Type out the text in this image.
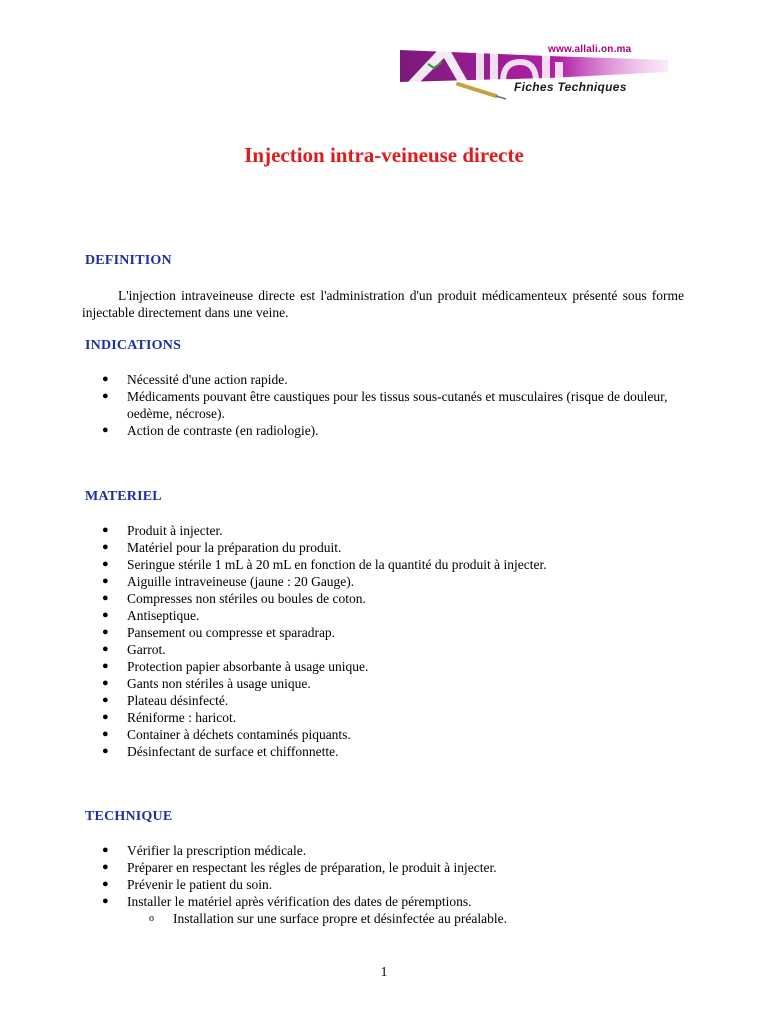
www.allali.on.ma
Fiches Techniques
Injection intra-veineuse directe
DEFINITION
L'injection intraveineuse directe est l'administration d'un produit médicamenteux présenté sous forme injectable directement dans une veine.
INDICATIONS
● Nécessité d'une action rapide.
● Médicaments pouvant être caustiques pour les tissus sous-cutanés et musculaires (risque de douleur, oedème, nécrose).
● Action de contraste (en radiologie).
MATERIEL
● Produit à injecter.
● Matériel pour la préparation du produit.
● Seringue stérile 1 mL à 20 mL en fonction de la quantité du produit à injecter.
● Aiguille intraveineuse (jaune : 20 Gauge).
● Compresses non stériles ou boules de coton.
● Antiseptique.
● Pansement ou compresse et sparadrap.
● Garrot.
● Protection papier absorbante à usage unique.
● Gants non stériles à usage unique.
● Plateau désinfecté.
● Réniforme : haricot.
● Container à déchets contaminés piquants.
● Désinfectant de surface et chiffonnette.
TECHNIQUE
● Vérifier la prescription médicale.
● Préparer en respectant les régles de préparation, le produit à injecter.
● Prévenir le patient du soin.
● Installer le matériel après vérification des dates de péremptions.
o Installation sur une surface propre et désinfectée au préalable.
1
